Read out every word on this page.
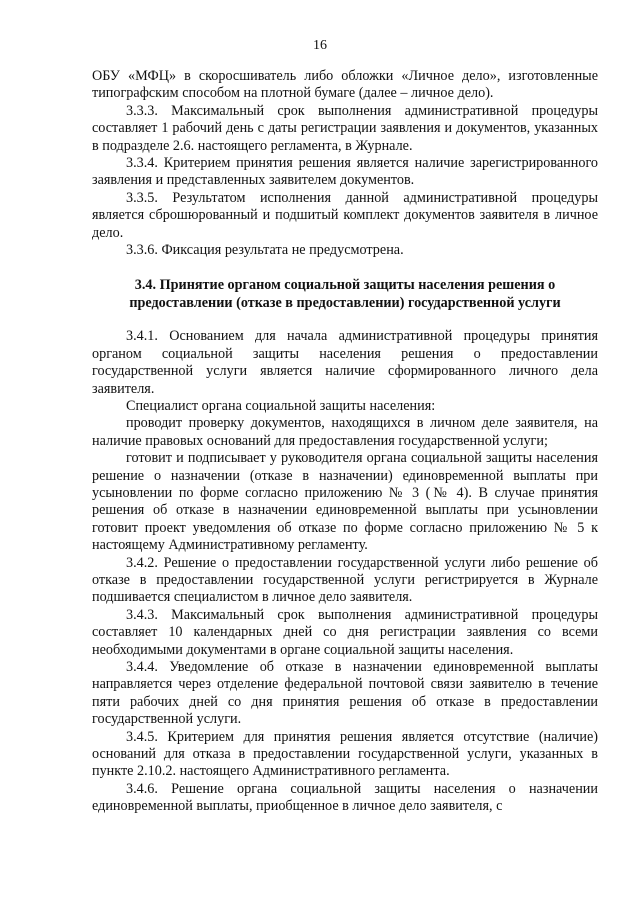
16

ОБУ «МФЦ» в скоросшиватель либо обложки «Личное дело», изготовленные типографским способом на плотной бумаге (далее – личное дело).

3.3.3. Максимальный срок выполнения административной процедуры составляет 1 рабочий день с даты регистрации заявления и документов, указанных в подразделе 2.6. настоящего регламента, в Журнале.

3.3.4. Критерием принятия решения является наличие зарегистрированного заявления и представленных заявителем документов.

3.3.5. Результатом исполнения данной административной процедуры является сброшюрованный и подшитый комплект документов заявителя в личное дело.

3.3.6. Фиксация результата не предусмотрена.

3.4. Принятие органом социальной защиты населения решения о предоставлении (отказе в предоставлении) государственной услуги

3.4.1. Основанием для начала административной процедуры принятия органом социальной защиты населения решения о предоставлении государственной услуги является наличие сформированного личного дела заявителя.

Специалист органа социальной защиты населения:

проводит проверку документов, находящихся в личном деле заявителя, на наличие правовых оснований для предоставления государственной услуги;

готовит и подписывает у руководителя органа социальной защиты населения решение о назначении (отказе в назначении) единовременной выплаты при усыновлении по форме согласно приложению № 3 (№ 4). В случае принятия решения об отказе в назначении единовременной выплаты при усыновлении готовит проект уведомления об отказе по форме согласно приложению № 5 к настоящему Административному регламенту.

3.4.2. Решение о предоставлении государственной услуги либо решение об отказе в предоставлении государственной услуги регистрируется в Журнале подшивается специалистом в личное дело заявителя.

3.4.3. Максимальный срок выполнения административной процедуры составляет 10 календарных дней со дня регистрации заявления со всеми необходимыми документами в органе социальной защиты населения.

3.4.4. Уведомление об отказе в назначении единовременной выплаты направляется через отделение федеральной почтовой связи заявителю в течение пяти рабочих дней со дня принятия решения об отказе в предоставлении государственной услуги.

3.4.5. Критерием для принятия решения является отсутствие (наличие) оснований для отказа в предоставлении государственной услуги, указанных в пункте 2.10.2. настоящего Административного регламента.

3.4.6. Решение органа социальной защиты населения о назначении единовременной выплаты, приобщенное в личное дело заявителя, с
